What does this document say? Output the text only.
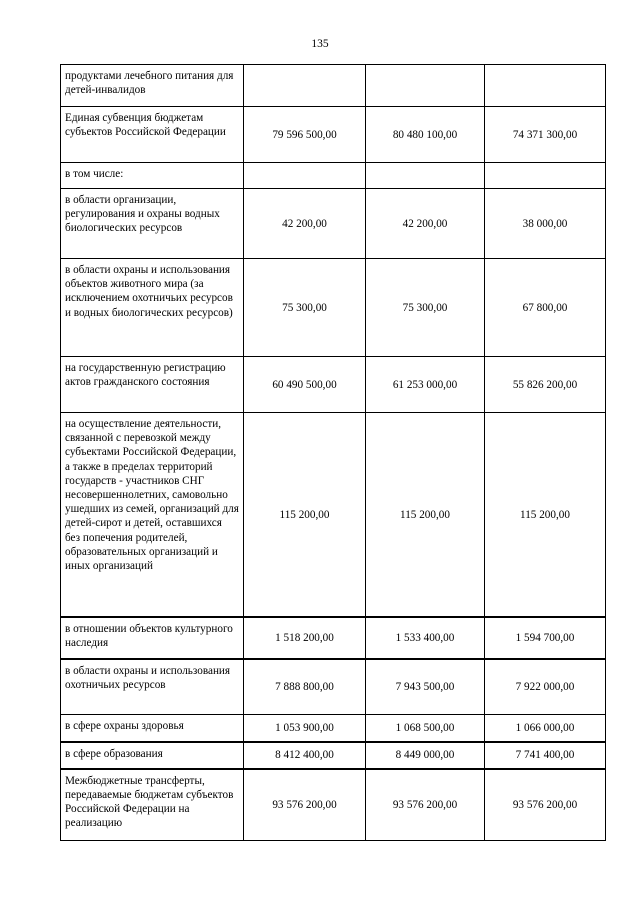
135
продуктами лечебного питания для детей-инвалидов			
Единая субвенция бюджетам субъектов Российской Федерации	79 596 500,00	80 480 100,00	74 371 300,00
в том числе:			
в области организации, регулирования и охраны водных биологических ресурсов	42 200,00	42 200,00	38 000,00
в области охраны и использования объектов животного мира (за исключением охотничьих ресурсов и водных биологических ресурсов)	75 300,00	75 300,00	67 800,00
на государственную регистрацию актов гражданского состояния	60 490 500,00	61 253 000,00	55 826 200,00
на осуществление деятельности, связанной с перевозкой между субъектами Российской Федерации, а также в пределах территорий государств - участников СНГ несовершеннолетних, самовольно ушедших из семей, организаций для детей-сирот и детей, оставшихся без попечения родителей, образовательных организаций и иных организаций	115 200,00	115 200,00	115 200,00
в отношении объектов культурного наследия	1 518 200,00	1 533 400,00	1 594 700,00
в области охраны и использования охотничьих ресурсов	7 888 800,00	7 943 500,00	7 922 000,00
в сфере охраны здоровья	1 053 900,00	1 068 500,00	1 066 000,00
в сфере образования	8 412 400,00	8 449 000,00	7 741 400,00
Межбюджетные трансферты, передаваемые бюджетам субъектов Российской Федерации на реализацию	93 576 200,00	93 576 200,00	93 576 200,00
